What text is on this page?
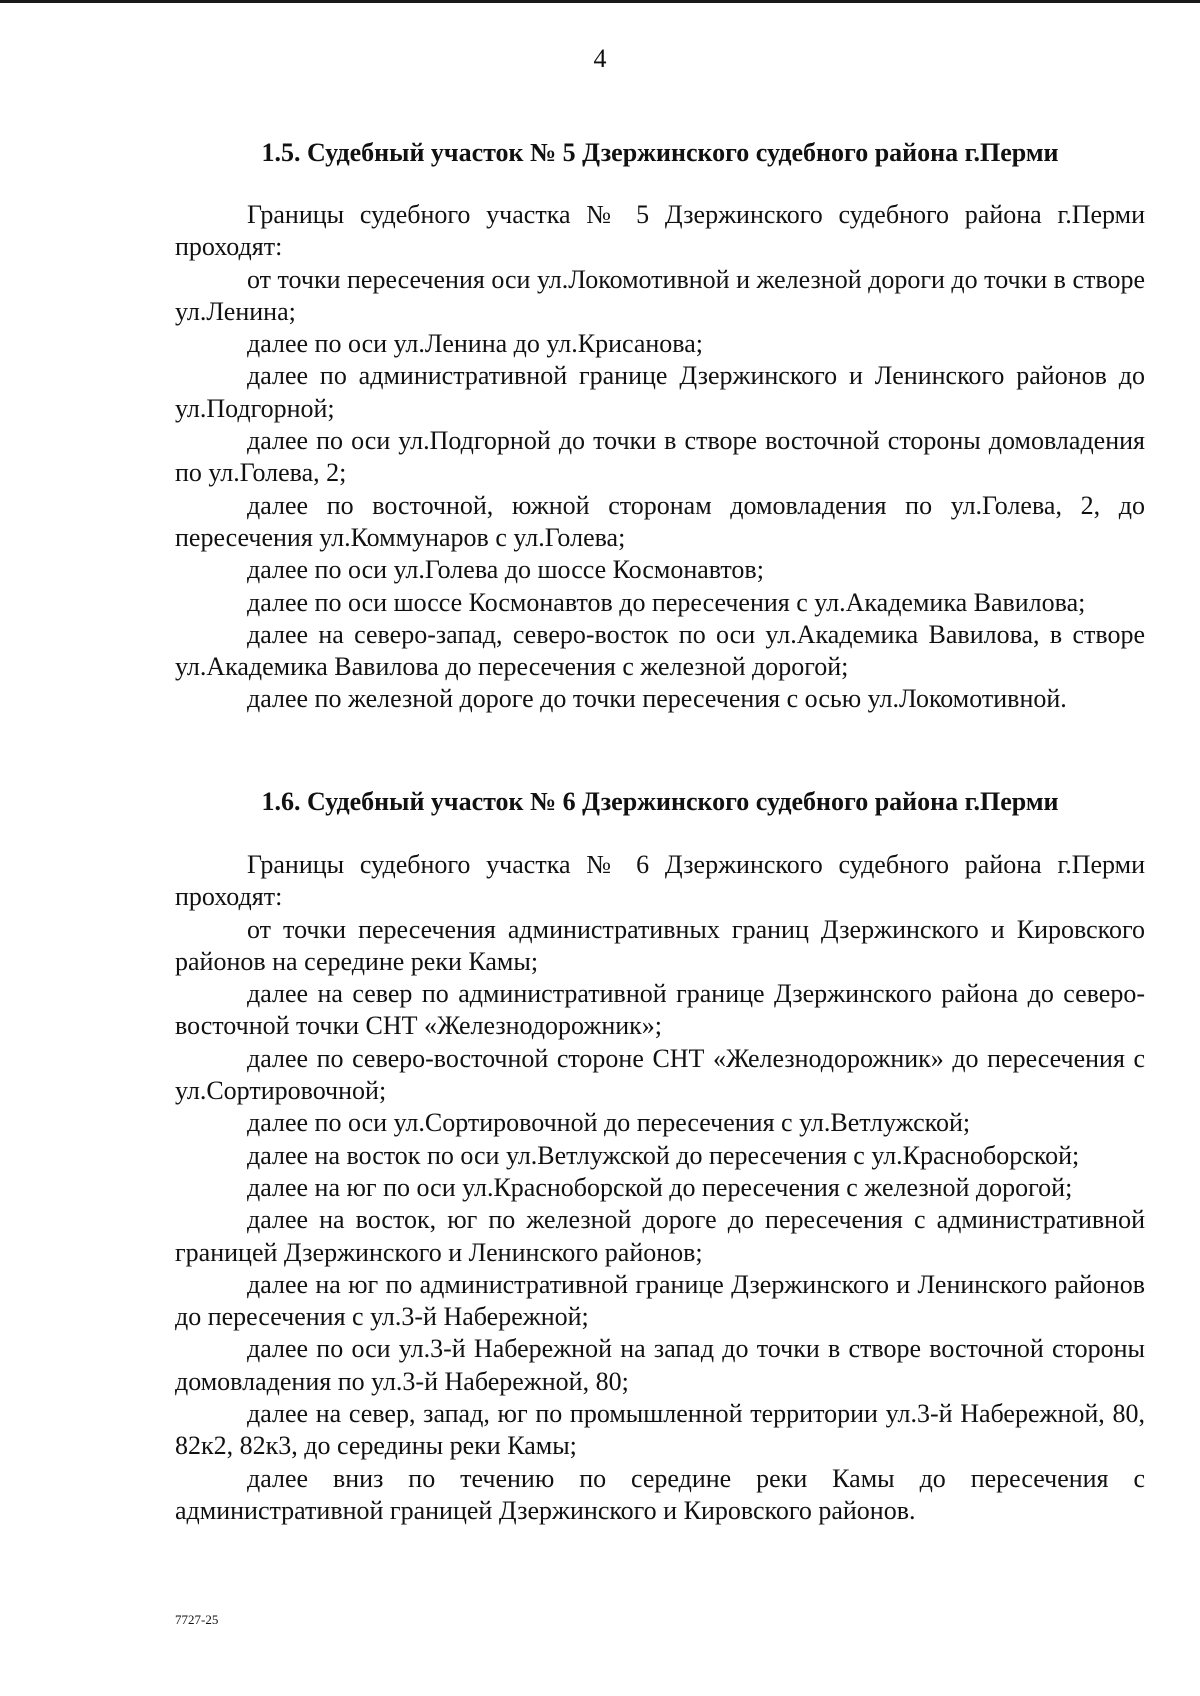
4
1.5. Судебный участок № 5 Дзержинского судебного района г.Перми

Границы судебного участка № 5 Дзержинского судебного района г.Перми проходят:

от точки пересечения оси ул.Локомотивной и железной дороги до точки в створе ул.Ленина;

далее по оси ул.Ленина до ул.Крисанова;

далее по административной границе Дзержинского и Ленинского районов до ул.Подгорной;

далее по оси ул.Подгорной до точки в створе восточной стороны домовладения по ул.Голева, 2;

далее по восточной, южной сторонам домовладения по ул.Голева, 2, до пересечения ул.Коммунаров с ул.Голева;

далее по оси ул.Голева до шоссе Космонавтов;

далее по оси шоссе Космонавтов до пересечения с ул.Академика Вавилова;

далее на северо-запад, северо-восток по оси ул.Академика Вавилова, в створе ул.Академика Вавилова до пересечения с железной дорогой;

далее по железной дороге до точки пересечения с осью ул.Локомотивной.

1.6. Судебный участок № 6 Дзержинского судебного района г.Перми

Границы судебного участка № 6 Дзержинского судебного района г.Перми проходят:

от точки пересечения административных границ Дзержинского и Кировского районов на середине реки Камы;

далее на север по административной границе Дзержинского района до северо-восточной точки СНТ «Железнодорожник»;

далее по северо-восточной стороне СНТ «Железнодорожник» до пересечения с ул.Сортировочной;

далее по оси ул.Сортировочной до пересечения с ул.Ветлужской;

далее на восток по оси ул.Ветлужской до пересечения с ул.Красноборской;

далее на юг по оси ул.Красноборской до пересечения с железной дорогой;

далее на восток, юг по железной дороге до пересечения с административной границей Дзержинского и Ленинского районов;

далее на юг по административной границе Дзержинского и Ленинского районов до пересечения с ул.3-й Набережной;

далее по оси ул.3-й Набережной на запад до точки в створе восточной стороны домовладения по ул.3-й Набережной, 80;

далее на север, запад, юг по промышленной территории ул.3-й Набережной, 80, 82к2, 82к3, до середины реки Камы;

далее вниз по течению по середине реки Камы до пересечения с административной границей Дзержинского и Кировского районов.

7727-25
